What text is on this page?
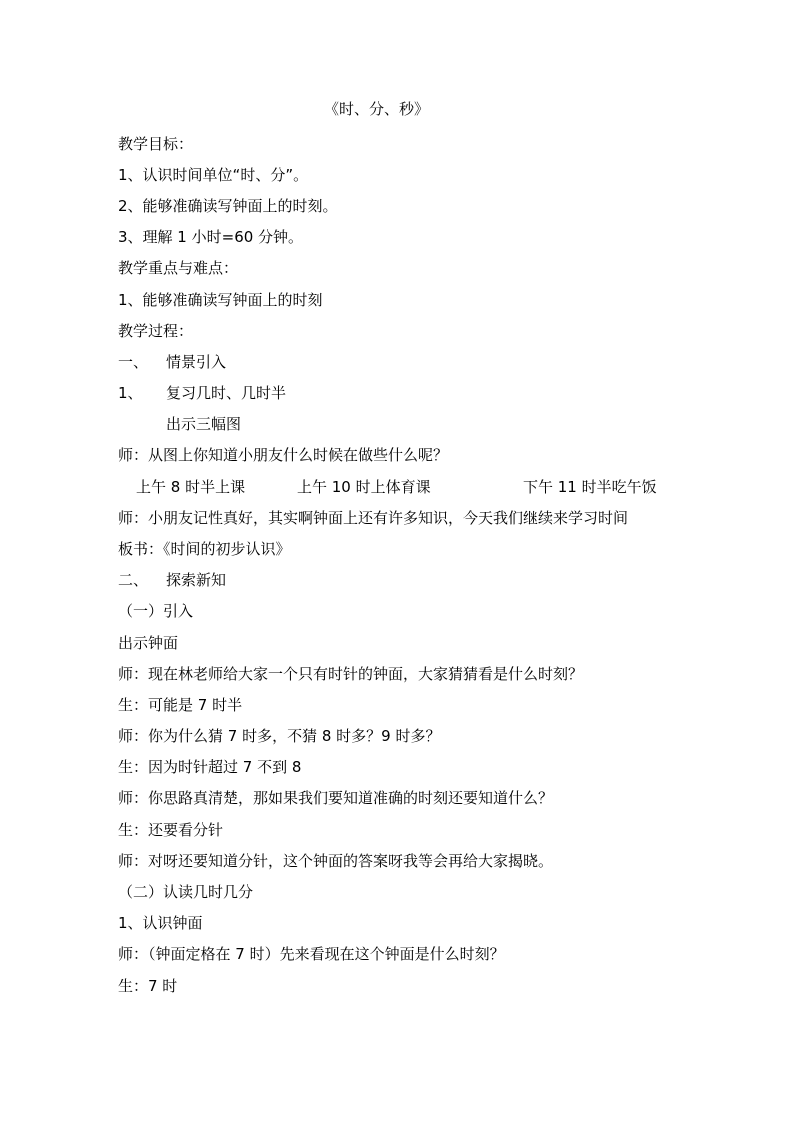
《时、分、秒》
教学目标：
1、认识时间单位“时、分”。
2、能够准确读写钟面上的时刻。
3、理解 1 小时=60 分钟。
教学重点与难点：
1、能够准确读写钟面上的时刻
教学过程：
一、 情景引入
1、 复习几时、几时半
出示三幅图
师：从图上你知道小朋友什么时候在做些什么呢？
上午 8 时半上课	上午 10 时上体育课	下午 11 时半吃午饭
师：小朋友记性真好，其实啊钟面上还有许多知识，今天我们继续来学习时间
板书：《时间的初步认识》
二、 探索新知
（一）引入
出示钟面
师：现在林老师给大家一个只有时针的钟面，大家猜猜看是什么时刻？
生：可能是 7 时半
师：你为什么猜 7 时多，不猜 8 时多？9 时多？
生：因为时针超过 7 不到 8
师：你思路真清楚，那如果我们要知道准确的时刻还要知道什么？
生：还要看分针
师：对呀还要知道分针，这个钟面的答案呀我等会再给大家揭晓。
（二）认读几时几分
1、认识钟面
师：（钟面定格在 7 时）先来看现在这个钟面是什么时刻？
生：7 时
